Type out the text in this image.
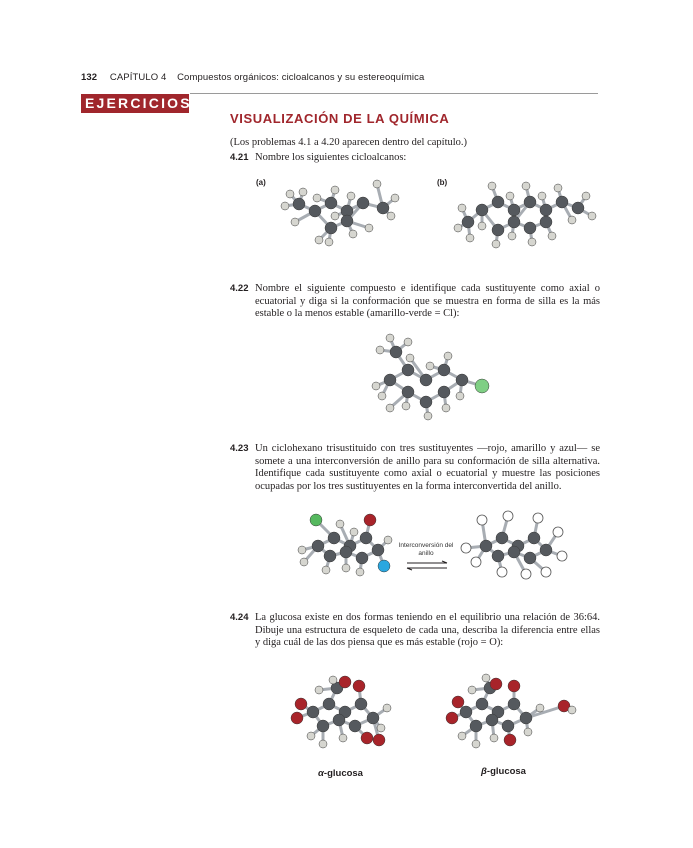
132 CAPÍTULO 4 Compuestos orgánicos: cicloalcanos y su estereoquímica
EJERCICIOS
VISUALIZACIÓN DE LA QUÍMICA
(Los problemas 4.1 a 4.20 aparecen dentro del capítulo.)
4.21 Nombre los siguientes cicloalcanos:
(a)	(b)
4.22 Nombre el siguiente compuesto e identifique cada sustituyente como axial o ecuatorial y diga si la conformación que se muestra en forma de silla es la más estable o la menos estable (amarillo-verde = Cl):
4.23 Un ciclohexano trisustituido con tres sustituyentes —rojo, amarillo y azul— se somete a una interconversión de anillo para su conformación de silla alternativa. Identifique cada sustituyente como axial o ecuatorial y muestre las posiciones ocupadas por los tres sustituyentes en la forma interconvertida del anillo.
Interconversión del anillo
4.24 La glucosa existe en dos formas teniendo en el equilibrio una relación de 36:64. Dibuje una estructura de esqueleto de cada una, describa la diferencia entre ellas y diga cuál de las dos piensa que es más estable (rojo = O):
α-glucosa	β-glucosa
